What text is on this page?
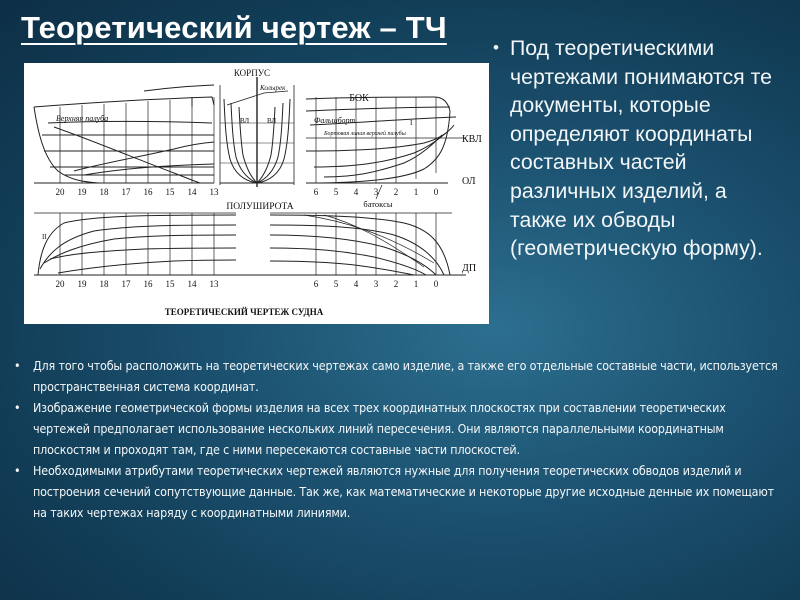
Теоретический чертеж – ТЧ
КОРПУС
БОК
ПОЛУШИРОТА
ТЕОРЕТИЧЕСКИЙ ЧЕРТЕЖ СУДНА
КВЛ
ОЛ
ДП
батоксы
Верхняя палуба	Фальшборт
Бортовая линия верхней палубы
Колырек
ВЛ	ВЛ
II
I
20 19 18 17 16 15 14 13	6 5 4 3 2 1 0
20 19 18 17 16 15 14 13	6 5 4 3 2 1 0
• Под теоретическими чертежами понимаются те документы, которые определяют координаты составных частей различных изделий, а также их обводы (геометрическую форму).
• Для того чтобы расположить на теоретических чертежах само изделие, а также его отдельные составные части, используется пространственная система координат.
• Изображение геометрической формы изделия на всех трех координатных плоскостях при составлении теоретических чертежей предполагает использование нескольких линий пересечения. Они являются параллельными координатным плоскостям и проходят там, где с ними пересекаются составные части плоскостей.
• Необходимыми атрибутами теоретических чертежей являются нужные для получения теоретических обводов изделий и построения сечений сопутствующие данные. Так же, как математические и некоторые другие исходные денные их помещают на таких чертежах наряду с координатными линиями.
